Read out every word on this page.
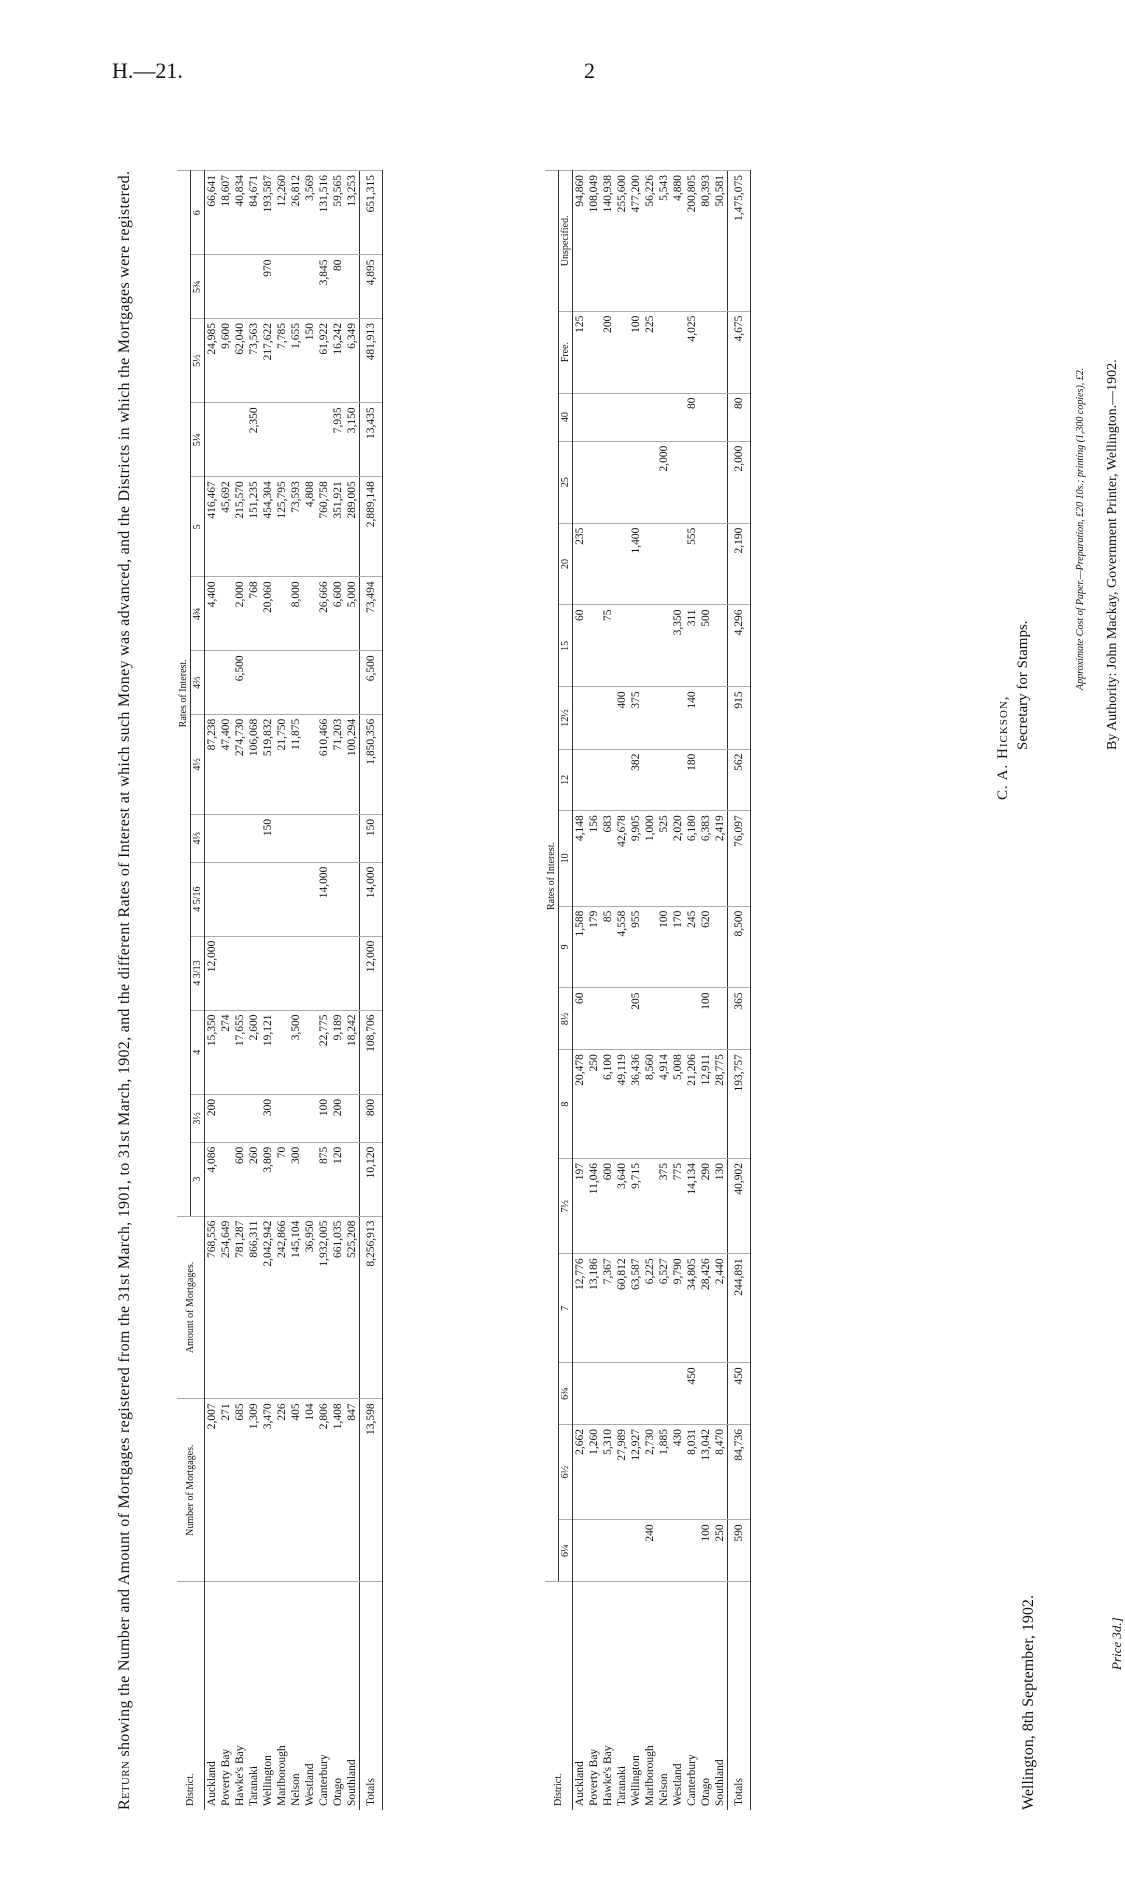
H.—21.	2
Return showing the Number and Amount of Mortgages registered from the 31st March, 1901, to 31st March, 1902, and the different Rates of Interest at which such Money was advanced, and the Districts in which the Mortgages were registered.
District.	Number of Mortgages.	Amount of Mortgages.	Rates of Interest.													
			3	3½	4	4 3/13	4 5/16	4⅓	4½	4⅔	4¾	5	5¼	5½	5¾	6
Auckland	2,007	768,556	4,086	200	15,350	12,000			87,238		4,400	416,467		24,985		66,641
Poverty Bay	271	254,649			274				47,400			45,692		9,600		18,607
Hawke's Bay	685	781,287	600		17,655				274,730	6,500	2,000	215,570		62,040		40,834
Taranaki	1,309	866,311	260		2,600				106,068		768	151,235	2,350	73,563		84,671
Wellington	3,470	2,042,942	3,809	300	19,121			150	519,832		20,060	454,304		217,622	970	193,587
Marlborough	226	242,866	70						21,750			125,795		7,785		12,260
Nelson	405	145,104	300		3,500				11,875		8,000	73,593		1,655		26,812
Westland	104	36,950										4,808		150		3,569
Canterbury	2,806	1,932,005	875	100	22,775		14,000		610,466		26,666	760,758		61,922	3,845	131,516
Otago	1,408	661,035	120	200	9,189				71,203		6,600	351,921	7,935	16,242	80	59,565
Southland	847	525,208			18,242				100,294		5,000	289,005	3,150	6,349		13,253
Totals	13,598	8,256,913	10,120	800	108,706	12,000	14,000	150	1,850,356	6,500	73,494	2,889,148	13,435	481,913	4,895	651,315
District.	Rates of Interest.																
	6¼	6½	6¾	7	7½	8	8½	9	10	12	12½	15	20	25	40	Free.	Unspecified.
Auckland		2,662		12,776	197	20,478	60	1,588	4,148			60	235			125	94,860
Poverty Bay		1,260		13,186	11,046	250		179	156								108,049
Hawke's Bay		5,310		7,367	600	6,100		85	683			75				200	140,938
Taranaki		27,989		60,812	3,640	49,119		4,558	42,678		400						255,600
Wellington		12,927		63,587	9,715	36,436	205	955	9,905	382	375		1,400			100	477,200
Marlborough	240	2,730		6,225		8,560			1,000							225	56,226
Nelson		1,885		6,527	375	4,914		100	525					2,000			5,543
Westland		430		9,790	775	5,008		170	2,020			3,350					4,880
Canterbury		8,031	450	34,805	14,134	21,206		245	6,180	180	140	311	555		80	4,025	200,805
Otago	100	13,042		28,426	290	12,911	100	620	6,383			500					80,393
Southland	250	8,470		2,440	130	28,775			2,419								50,581
Totals	590	84,736	450	244,891	40,902	193,757	365	8,500	76,097	562	915	4,296	2,190	2,000	80	4,675	1,475,075
Wellington, 8th September, 1902.
C. A. Hickson, Secretary for Stamps.	Approximate Cost of Paper.—Preparation, £20 10s.; printing (1,300 copies), £2. By Authority: John Mackay, Government Printer, Wellington.—1902.
Price 3d.]
